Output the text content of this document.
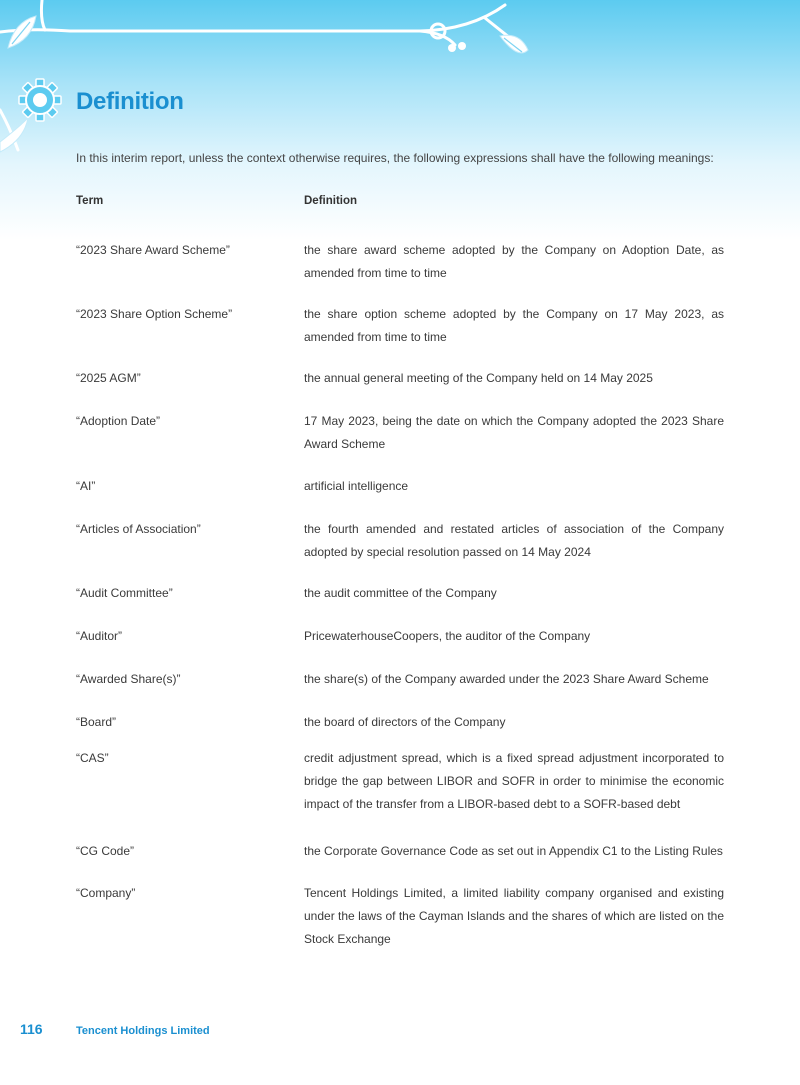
Definition

In this interim report, unless the context otherwise requires, the following expressions shall have the following meanings:

Term	Definition
“2023 Share Award Scheme”	the share award scheme adopted by the Company on Adoption Date, as amended from time to time
“2023 Share Option Scheme”	the share option scheme adopted by the Company on 17 May 2023, as amended from time to time
“2025 AGM”	the annual general meeting of the Company held on 14 May 2025
“Adoption Date”	17 May 2023, being the date on which the Company adopted the 2023 Share Award Scheme
“AI”	artificial intelligence
“Articles of Association”	the fourth amended and restated articles of association of the Company adopted by special resolution passed on 14 May 2024
“Audit Committee”	the audit committee of the Company
“Auditor”	PricewaterhouseCoopers, the auditor of the Company
“Awarded Share(s)”	the share(s) of the Company awarded under the 2023 Share Award Scheme
“Board”	the board of directors of the Company
“CAS”	credit adjustment spread, which is a fixed spread adjustment incorporated to bridge the gap between LIBOR and SOFR in order to minimise the economic impact of the transfer from a LIBOR-based debt to a SOFR-based debt
“CG Code”	the Corporate Governance Code as set out in Appendix C1 to the Listing Rules
“Company”	Tencent Holdings Limited, a limited liability company organised and existing under the laws of the Cayman Islands and the shares of which are listed on the Stock Exchange

116	Tencent Holdings Limited
